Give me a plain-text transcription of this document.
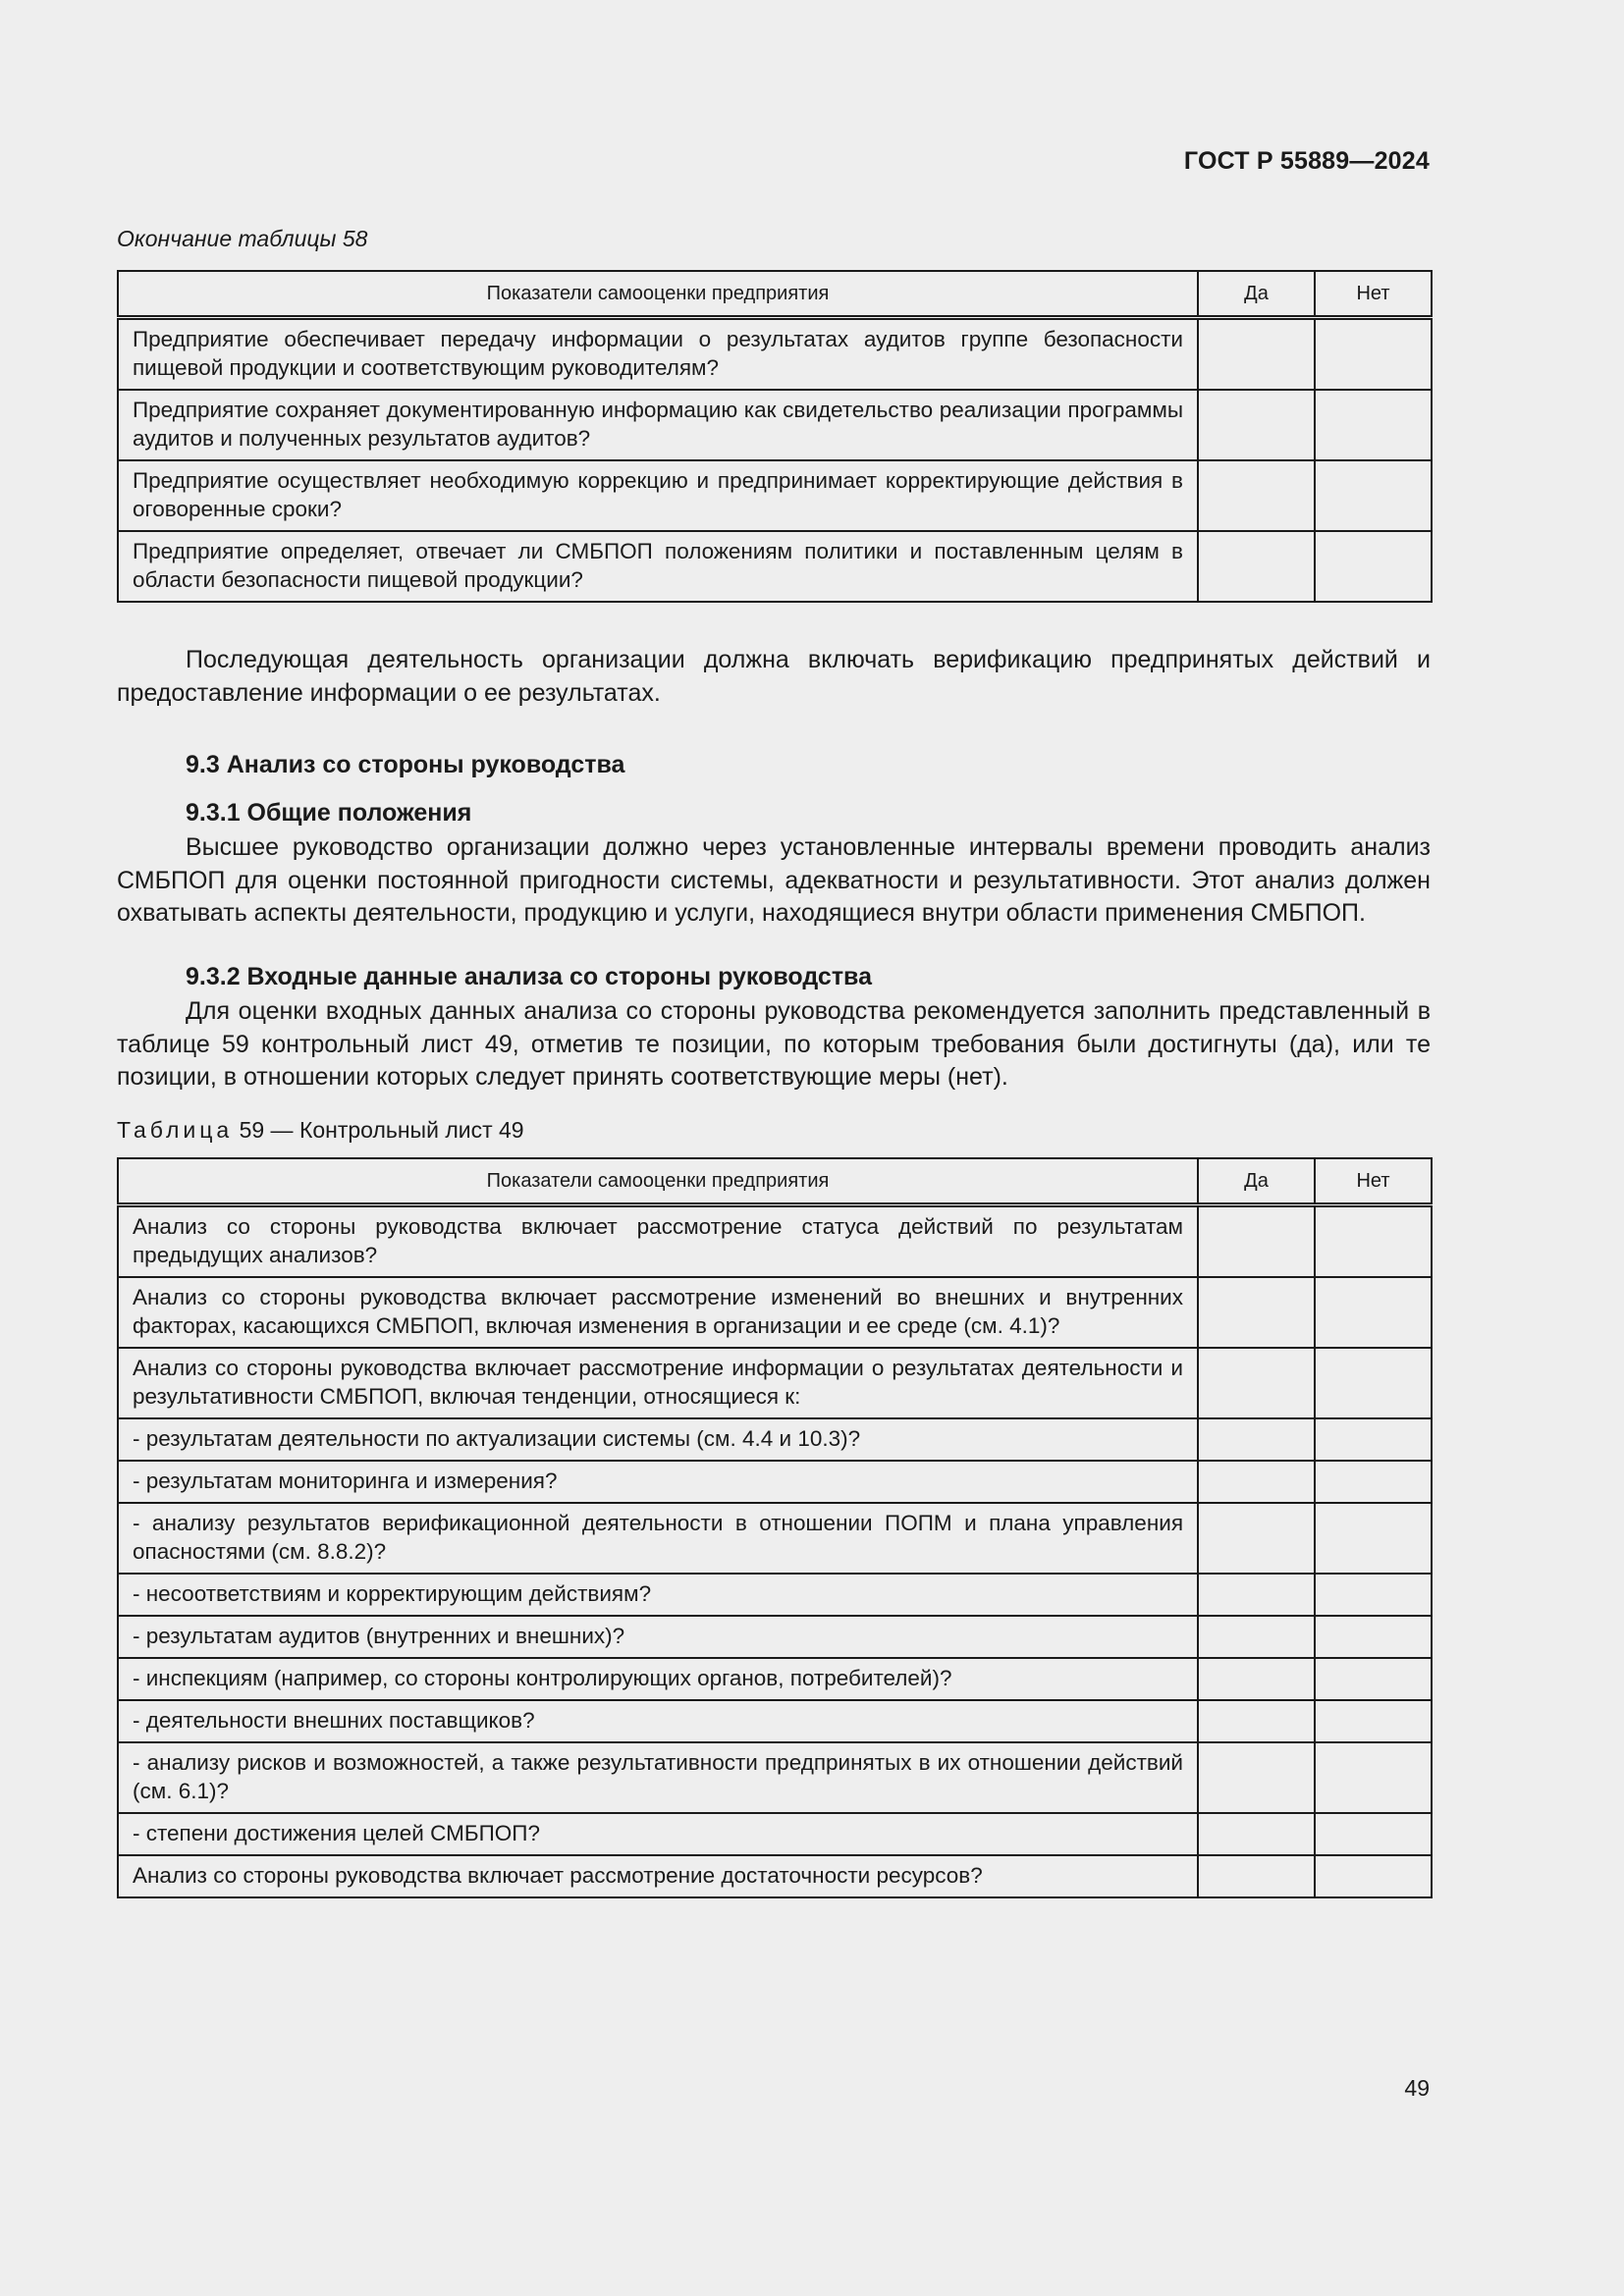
ГОСТ Р 55889—2024
Окончание таблицы 58
Показатели самооценки предприятия	Да	Нет
Предприятие обеспечивает передачу информации о результатах аудитов группе безопасности пищевой продукции и соответствующим руководителям?		
Предприятие сохраняет документированную информацию как свидетельство реализации программы аудитов и полученных результатов аудитов?		
Предприятие осуществляет необходимую коррекцию и предпринимает корректирующие действия в оговоренные сроки?		
Предприятие определяет, отвечает ли СМБПОП положениям политики и поставленным целям в области безопасности пищевой продукции?		

Последующая деятельность организации должна включать верификацию предпринятых действий и предоставление информации о ее результатах.

9.3 Анализ со стороны руководства
9.3.1 Общие положения

Высшее руководство организации должно через установленные интервалы времени проводить анализ СМБПОП для оценки постоянной пригодности системы, адекватности и результативности. Этот анализ должен охватывать аспекты деятельности, продукцию и услуги, находящиеся внутри области применения СМБПОП.

9.3.2 Входные данные анализа со стороны руководства

Для оценки входных данных анализа со стороны руководства рекомендуется заполнить представленный в таблице 59 контрольный лист 49, отметив те позиции, по которым требования были достигнуты (да), или те позиции, в отношении которых следует принять соответствующие меры (нет).

Таблица 59 — Контрольный лист 49
Показатели самооценки предприятия	Да	Нет
Анализ со стороны руководства включает рассмотрение статуса действий по результатам предыдущих анализов?		
Анализ со стороны руководства включает рассмотрение изменений во внешних и внутренних факторах, касающихся СМБПОП, включая изменения в организации и ее среде (см. 4.1)?		
Анализ со стороны руководства включает рассмотрение информации о результатах деятельности и результативности СМБПОП, включая тенденции, относящиеся к:		
- результатам деятельности по актуализации системы (см. 4.4 и 10.3)?		
- результатам мониторинга и измерения?		
- анализу результатов верификационной деятельности в отношении ПОПМ и плана управления опасностями (см. 8.8.2)?		
- несоответствиям и корректирующим действиям?		
- результатам аудитов (внутренних и внешних)?		
- инспекциям (например, со стороны контролирующих органов, потребителей)?		
- деятельности внешних поставщиков?		
- анализу рисков и возможностей, а также результативности предпринятых в их отношении действий (см. 6.1)?		
- степени достижения целей СМБПОП?		
Анализ со стороны руководства включает рассмотрение достаточности ресурсов?		
49
